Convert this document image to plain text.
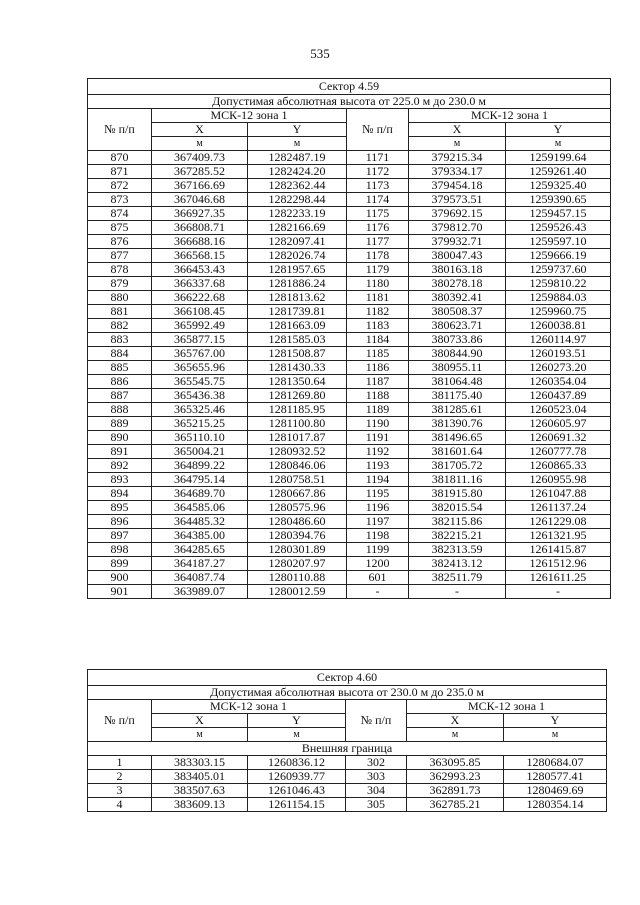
535
Сектор 4.59					
Допустимая абсолютная высота от 225.0 м до 230.0 м					
№ п/п	МСК-12 зона 1		№ п/п	МСК-12 зона 1	
	X	Y		X	Y
	м	м		м	м
870	367409.73	1282487.19	1171	379215.34	1259199.64
871	367285.52	1282424.20	1172	379334.17	1259261.40
872	367166.69	1282362.44	1173	379454.18	1259325.40
873	367046.68	1282298.44	1174	379573.51	1259390.65
874	366927.35	1282233.19	1175	379692.15	1259457.15
875	366808.71	1282166.69	1176	379812.70	1259526.43
876	366688.16	1282097.41	1177	379932.71	1259597.10
877	366568.15	1282026.74	1178	380047.43	1259666.19
878	366453.43	1281957.65	1179	380163.18	1259737.60
879	366337.68	1281886.24	1180	380278.18	1259810.22
880	366222.68	1281813.62	1181	380392.41	1259884.03
881	366108.45	1281739.81	1182	380508.37	1259960.75
882	365992.49	1281663.09	1183	380623.71	1260038.81
883	365877.15	1281585.03	1184	380733.86	1260114.97
884	365767.00	1281508.87	1185	380844.90	1260193.51
885	365655.96	1281430.33	1186	380955.11	1260273.20
886	365545.75	1281350.64	1187	381064.48	1260354.04
887	365436.38	1281269.80	1188	381175.40	1260437.89
888	365325.46	1281185.95	1189	381285.61	1260523.04
889	365215.25	1281100.80	1190	381390.76	1260605.97
890	365110.10	1281017.87	1191	381496.65	1260691.32
891	365004.21	1280932.52	1192	381601.64	1260777.78
892	364899.22	1280846.06	1193	381705.72	1260865.33
893	364795.14	1280758.51	1194	381811.16	1260955.98
894	364689.70	1280667.86	1195	381915.80	1261047.88
895	364585.06	1280575.96	1196	382015.54	1261137.24
896	364485.32	1280486.60	1197	382115.86	1261229.08
897	364385.00	1280394.76	1198	382215.21	1261321.95
898	364285.65	1280301.89	1199	382313.59	1261415.87
899	364187.27	1280207.97	1200	382413.12	1261512.96
900	364087.74	1280110.88	601	382511.79	1261611.25
901	363989.07	1280012.59	-	-	-
Сектор 4.60					
Допустимая абсолютная высота от 230.0 м до 235.0 м					
№ п/п	МСК-12 зона 1		№ п/п	МСК-12 зона 1	
	X	Y		X	Y
	м	м		м	м
Внешняя граница					
1	383303.15	1260836.12	302	363095.85	1280684.07
2	383405.01	1260939.77	303	362993.23	1280577.41
3	383507.63	1261046.43	304	362891.73	1280469.69
4	383609.13	1261154.15	305	362785.21	1280354.14
